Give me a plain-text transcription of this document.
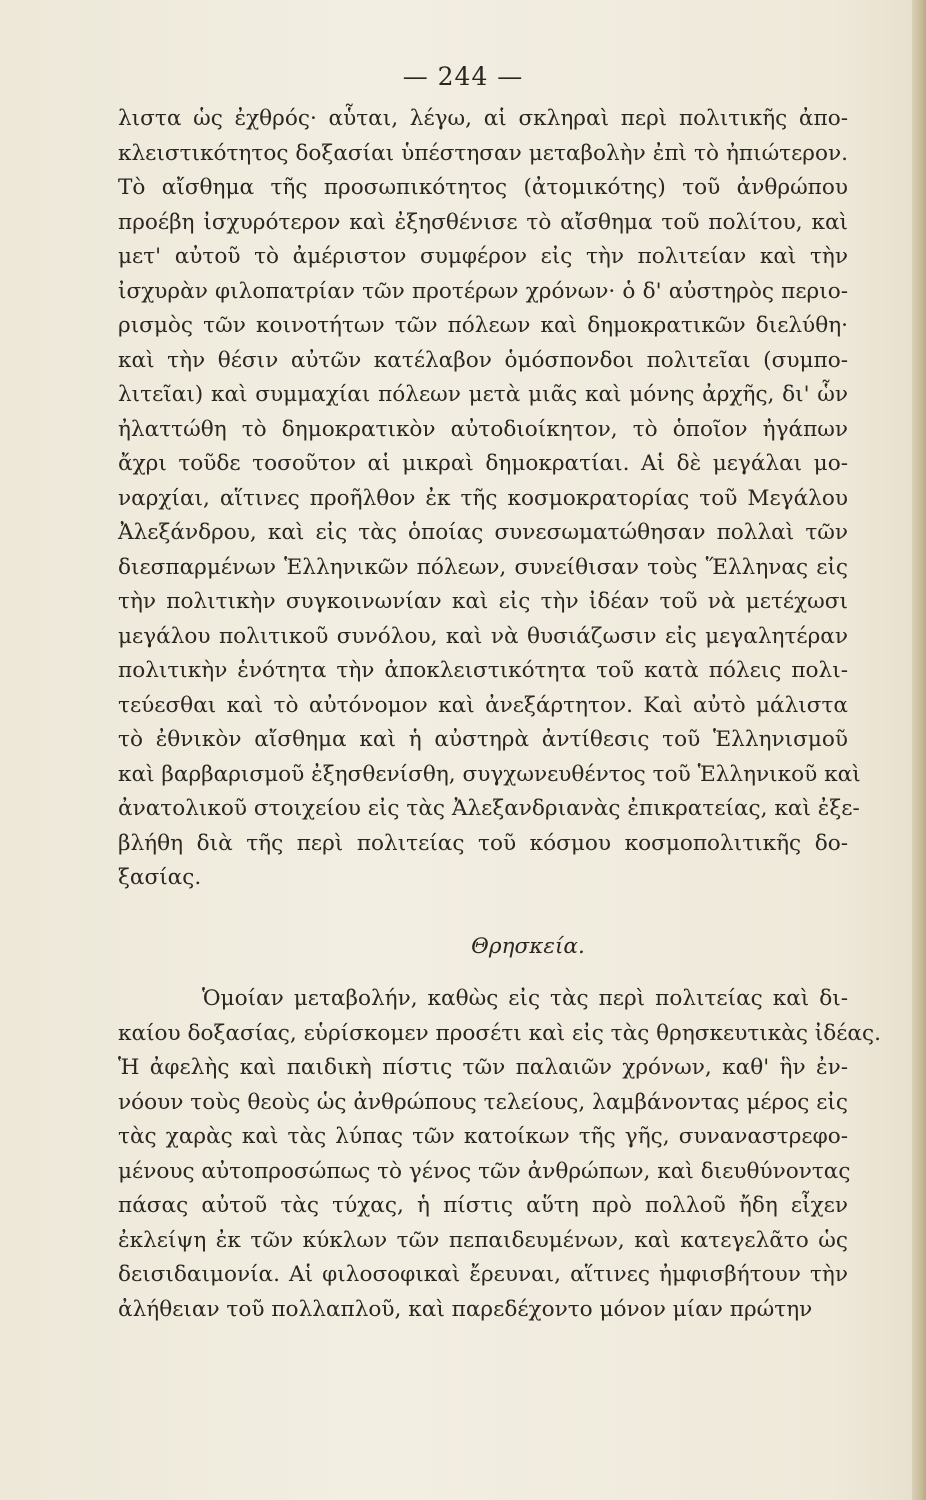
— 244 —
λιστα ὡς ἐχθρός· αὗται, λέγω, αἱ σκληραὶ περὶ πολιτικῆς ἀπο-
κλειστικότητος δοξασίαι ὑπέστησαν μεταβολὴν ἐπὶ τὸ ἠπιώτερον.
Τὸ αἴσθημα τῆς προσωπικότητος (ἀτομικότης) τοῦ ἀνθρώπου
προέβη ἰσχυρότερον καὶ ἐξησθένισε τὸ αἴσθημα τοῦ πολίτου, καὶ
μετ' αὐτοῦ τὸ ἀμέριστον συμφέρον εἰς τὴν πολιτείαν καὶ τὴν
ἰσχυρὰν φιλοπατρίαν τῶν προτέρων χρόνων· ὁ δ' αὐστηρὸς περιο-
ρισμὸς τῶν κοινοτήτων τῶν πόλεων καὶ δημοκρατικῶν διελύθη·
καὶ τὴν θέσιν αὐτῶν κατέλαβον ὁμόσπονδοι πολιτεῖαι (συμπο-
λιτεῖαι) καὶ συμμαχίαι πόλεων μετὰ μιᾶς καὶ μόνης ἀρχῆς, δι' ὧν
ἠλαττώθη τὸ δημοκρατικὸν αὐτοδιοίκητον, τὸ ὁποῖον ἠγάπων
ἄχρι τοῦδε τοσοῦτον αἱ μικραὶ δημοκρατίαι. Αἱ δὲ μεγάλαι μο-
ναρχίαι, αἵτινες προῆλθον ἐκ τῆς κοσμοκρατορίας τοῦ Μεγάλου
Ἀλεξάνδρου, καὶ εἰς τὰς ὁποίας συνεσωματώθησαν πολλαὶ τῶν
διεσπαρμένων Ἑλληνικῶν πόλεων, συνείθισαν τοὺς Ἕλληνας εἰς
τὴν πολιτικὴν συγκοινωνίαν καὶ εἰς τὴν ἰδέαν τοῦ νὰ μετέχωσι
μεγάλου πολιτικοῦ συνόλου, καὶ νὰ θυσιάζωσιν εἰς μεγαλητέραν
πολιτικὴν ἑνότητα τὴν ἀποκλειστικότητα τοῦ κατὰ πόλεις πολι-
τεύεσθαι καὶ τὸ αὐτόνομον καὶ ἀνεξάρτητον. Καὶ αὐτὸ μάλιστα
τὸ ἐθνικὸν αἴσθημα καὶ ἡ αὐστηρὰ ἀντίθεσις τοῦ Ἑλληνισμοῦ
καὶ βαρβαρισμοῦ ἐξησθενίσθη, συγχωνευθέντος τοῦ Ἑλληνικοῦ καὶ
ἀνατολικοῦ στοιχείου εἰς τὰς Ἀλεξανδριανὰς ἐπικρατείας, καὶ ἐξε-
βλήθη διὰ τῆς περὶ πολιτείας τοῦ κόσμου κοσμοπολιτικῆς δο-
ξασίας.
Θρησκεία.
Ὁμοίαν μεταβολήν, καθὼς εἰς τὰς περὶ πολιτείας καὶ δι-
καίου δοξασίας, εὑρίσκομεν προσέτι καὶ εἰς τὰς θρησκευτικὰς ἰδέας.
Ἡ ἀφελὴς καὶ παιδικὴ πίστις τῶν παλαιῶν χρόνων, καθ' ἣν ἐν-
νόουν τοὺς θεοὺς ὡς ἀνθρώπους τελείους, λαμβάνοντας μέρος εἰς
τὰς χαρὰς καὶ τὰς λύπας τῶν κατοίκων τῆς γῆς, συναναστρεφο-
μένους αὐτοπροσώπως τὸ γένος τῶν ἀνθρώπων, καὶ διευθύνοντας
πάσας αὐτοῦ τὰς τύχας, ἡ πίστις αὕτη πρὸ πολλοῦ ἤδη εἶχεν
ἐκλείψη ἐκ τῶν κύκλων τῶν πεπαιδευμένων, καὶ κατεγελᾶτο ὡς
δεισιδαιμονία. Αἱ φιλοσοφικαὶ ἔρευναι, αἵτινες ἠμφισβήτουν τὴν
ἀλήθειαν τοῦ πολλαπλοῦ, καὶ παρεδέχοντο μόνον μίαν πρώτην
